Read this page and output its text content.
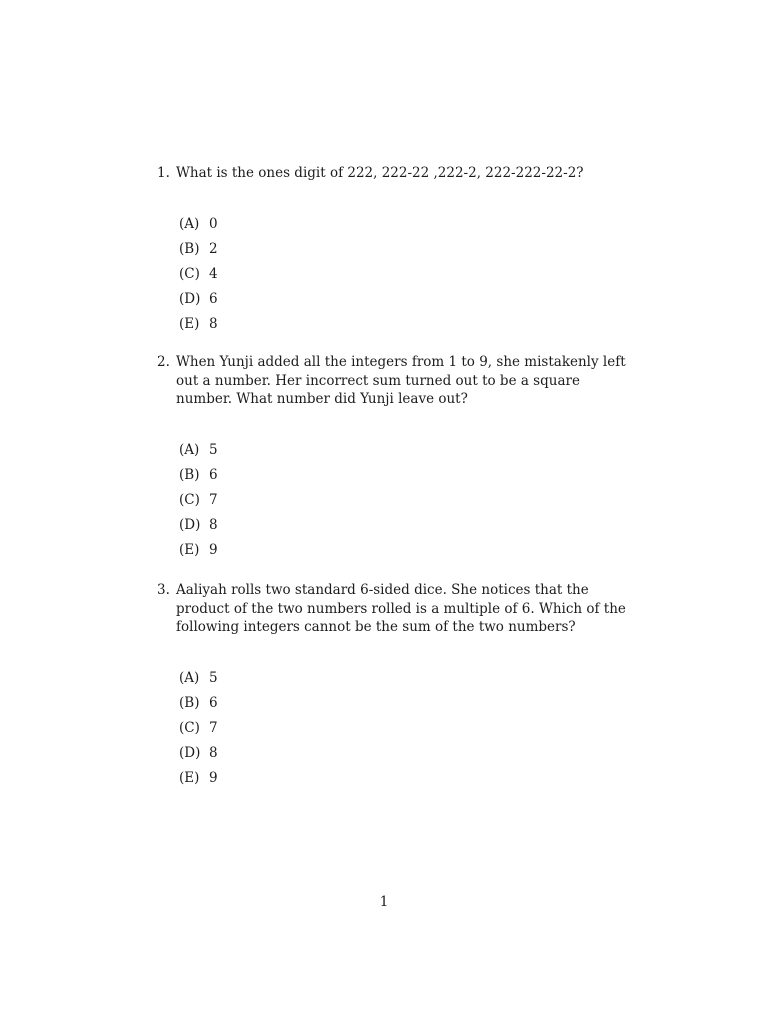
1. What is the ones digit of 222, 222-22 ,222-2, 222-222-22-2?
(A) 0
(B) 2
(C) 4
(D) 6
(E) 8
2. When Yunji added all the integers from 1 to 9, she mistakenly left out a number. Her incorrect sum turned out to be a square number. What number did Yunji leave out?
(A) 5
(B) 6
(C) 7
(D) 8
(E) 9
3. Aaliyah rolls two standard 6-sided dice. She notices that the product of the two numbers rolled is a multiple of 6. Which of the following integers cannot be the sum of the two numbers?
(A) 5
(B) 6
(C) 7
(D) 8
(E) 9
1
